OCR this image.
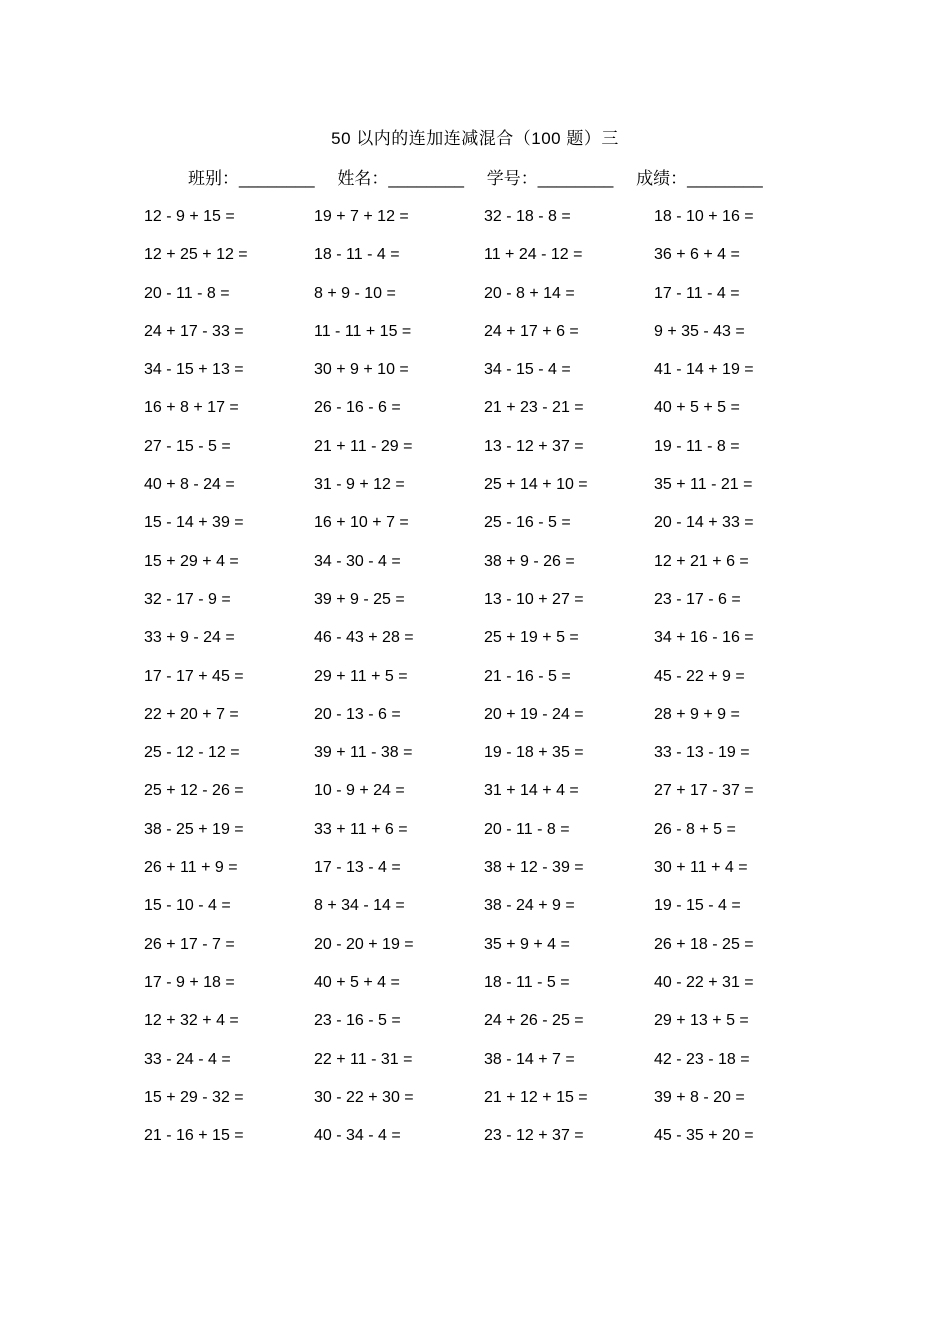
50 以内的连加连减混合（100 题）三
班别：________ 姓名：________ 学号：________ 成绩：________
12 - 9 + 15 =	19 + 7 + 12 =	32 - 18 - 8 =	18 - 10 + 16 =
12 + 25 + 12 =	18 - 11 - 4 =	11 + 24 - 12 =	36 + 6 + 4 =
20 - 11 - 8 =	8 + 9 - 10 =	20 - 8 + 14 =	17 - 11 - 4 =
24 + 17 - 33 =	11 - 11 + 15 =	24 + 17 + 6 =	9 + 35 - 43 =
34 - 15 + 13 =	30 + 9 + 10 =	34 - 15 - 4 =	41 - 14 + 19 =
16 + 8 + 17 =	26 - 16 - 6 =	21 + 23 - 21 =	40 + 5 + 5 =
27 - 15 - 5 =	21 + 11 - 29 =	13 - 12 + 37 =	19 - 11 - 8 =
40 + 8 - 24 =	31 - 9 + 12 =	25 + 14 + 10 =	35 + 11 - 21 =
15 - 14 + 39 =	16 + 10 + 7 =	25 - 16 - 5 =	20 - 14 + 33 =
15 + 29 + 4 =	34 - 30 - 4 =	38 + 9 - 26 =	12 + 21 + 6 =
32 - 17 - 9 =	39 + 9 - 25 =	13 - 10 + 27 =	23 - 17 - 6 =
33 + 9 - 24 =	46 - 43 + 28 =	25 + 19 + 5 =	34 + 16 - 16 =
17 - 17 + 45 =	29 + 11 + 5 =	21 - 16 - 5 =	45 - 22 + 9 =
22 + 20 + 7 =	20 - 13 - 6 =	20 + 19 - 24 =	28 + 9 + 9 =
25 - 12 - 12 =	39 + 11 - 38 =	19 - 18 + 35 =	33 - 13 - 19 =
25 + 12 - 26 =	10 - 9 + 24 =	31 + 14 + 4 =	27 + 17 - 37 =
38 - 25 + 19 =	33 + 11 + 6 =	20 - 11 - 8 =	26 - 8 + 5 =
26 + 11 + 9 =	17 - 13 - 4 =	38 + 12 - 39 =	30 + 11 + 4 =
15 - 10 - 4 =	8 + 34 - 14 =	38 - 24 + 9 =	19 - 15 - 4 =
26 + 17 - 7 =	20 - 20 + 19 =	35 + 9 + 4 =	26 + 18 - 25 =
17 - 9 + 18 =	40 + 5 + 4 =	18 - 11 - 5 =	40 - 22 + 31 =
12 + 32 + 4 =	23 - 16 - 5 =	24 + 26 - 25 =	29 + 13 + 5 =
33 - 24 - 4 =	22 + 11 - 31 =	38 - 14 + 7 =	42 - 23 - 18 =
15 + 29 - 32 =	30 - 22 + 30 =	21 + 12 + 15 =	39 + 8 - 20 =
21 - 16 + 15 =	40 - 34 - 4 =	23 - 12 + 37 =	45 - 35 + 20 =
